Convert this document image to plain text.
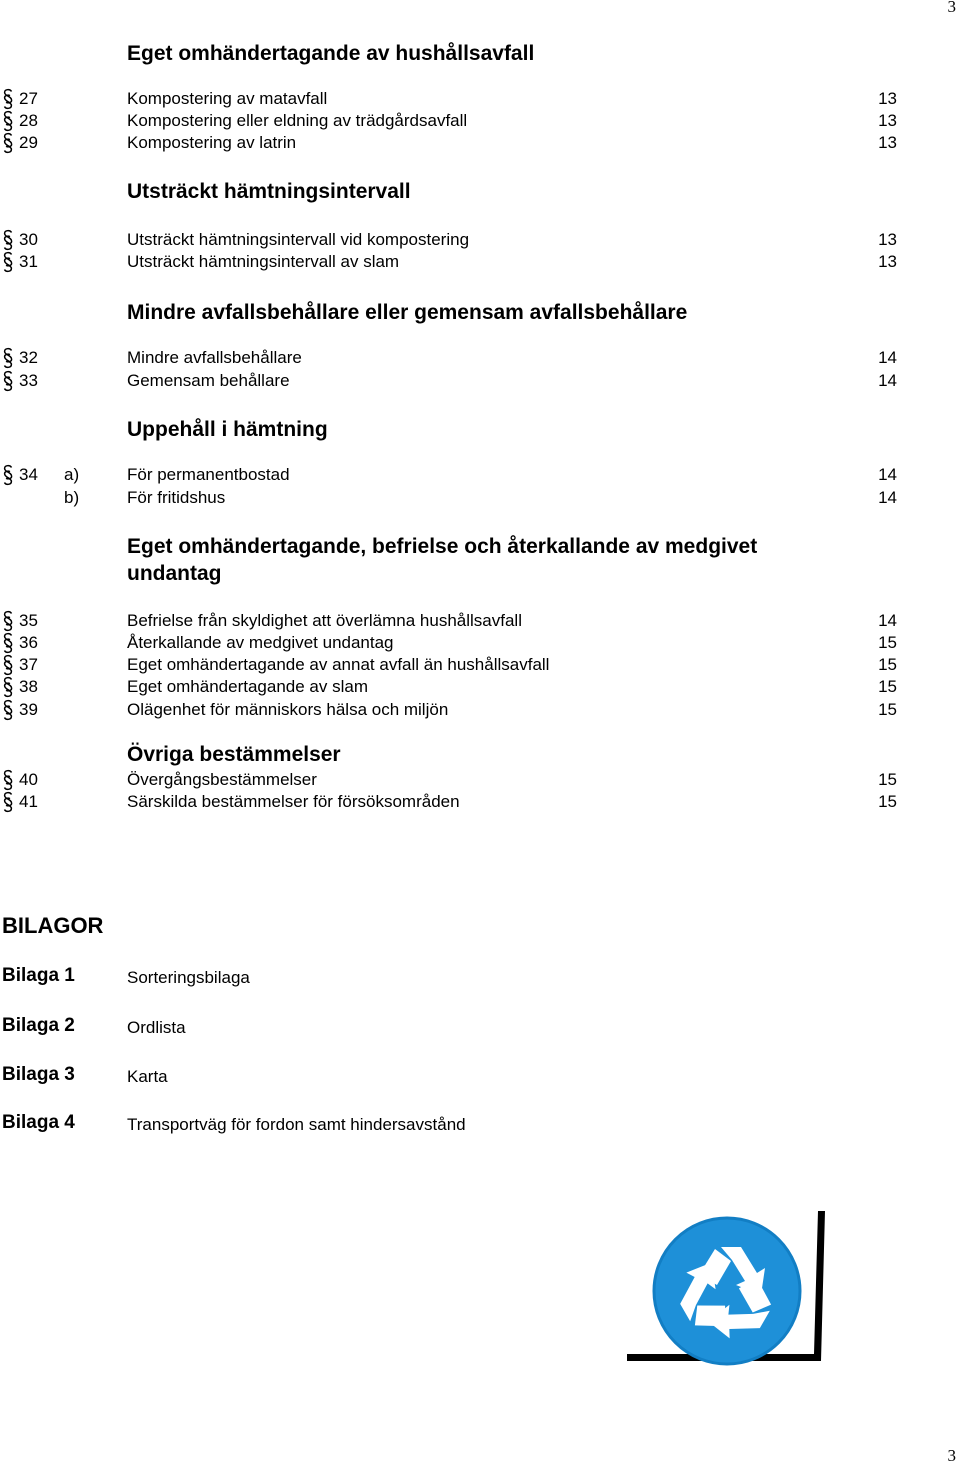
3
Eget omhändertagande av hushållsavfall
27	Kompostering av matavfall	13
28	Kompostering eller eldning av trädgårdsavfall	13
29	Kompostering av latrin	13
Utsträckt hämtningsintervall
30	Utsträckt hämtningsintervall vid kompostering	13
31	Utsträckt hämtningsintervall av slam	13
Mindre avfallsbehållare eller gemensam avfallsbehållare
32	Mindre avfallsbehållare	14
33	Gemensam behållare	14
Uppehåll i hämtning
34 a)	För permanentbostad	14
b)	För fritidshus	14
Eget omhändertagande, befrielse och återkallande av medgivet undantag
35	Befrielse från skyldighet att överlämna hushållsavfall	14
36	Återkallande av medgivet undantag	15
37	Eget omhändertagande av annat avfall än hushållsavfall	15
38	Eget omhändertagande av slam	15
39	Olägenhet för människors hälsa och miljön	15
Övriga bestämmelser
40	Övergångsbestämmelser	15
41	Särskilda bestämmelser för försöksområden	15
BILAGOR
Bilaga 1	Sorteringsbilaga
Bilaga 2	Ordlista
Bilaga 3	Karta
Bilaga 4	Transportväg för fordon samt hindersavstånd
3
